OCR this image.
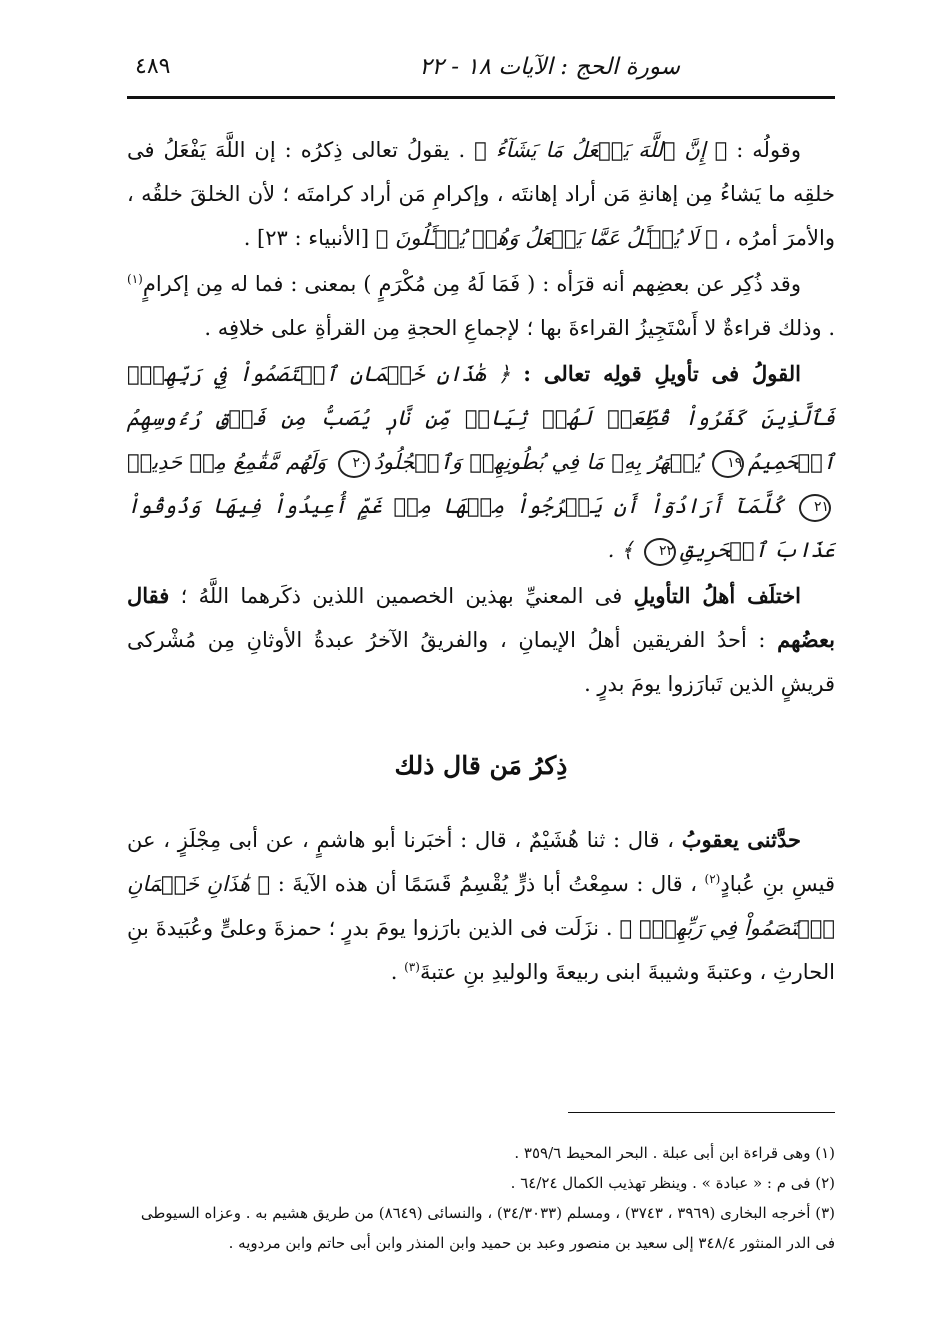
سورة الحج : الآيات ١٨ - ٢٢
٤٨٩

وقولُه : ﴿ إِنَّ ٱللَّهَ يَفۡعَلُ مَا يَشَآءُ ﴾ . يقولُ تعالى ذِكرُه : إن اللَّهَ يَفْعَلُ فى خلقِه ما يَشاءُ مِن إهانةِ مَن أراد إهانتَه ، وإكرامِ مَن أراد كرامتَه ؛ لأن الخلقَ خلقُه ، والأمرَ أمرُه ، ﴿ لَا يُسۡـَٔلُ عَمَّا يَفۡعَلُ وَهُمۡ يُسۡـَٔلُونَ ﴾ [الأنبياء : ٢٣] .

وقد ذُكِر عن بعضِهم أنه قرَأه : ( فَمَا لَهُ مِن مُكْرَمٍ ) بمعنى : فما له مِن إكرامٍ$^{(١)}$ . وذلك قراءةٌ لا أَسْتَجِيزُ القراءةَ بها ؛ لإجماعِ الحجةِ مِن القرأةِ على خلافِه .

القولُ فى تأويلِ قولِه تعالى : ﴿ هَٰذَانِ خَصۡمَانِ ٱخۡتَصَمُواْ فِي رَبِّهِمۡۖ فَٱلَّذِينَ كَفَرُواْ قُطِّعَتۡ لَهُمۡ ثِيَابٞ مِّن نَّارٖ يُصَبُّ مِن فَوۡقِ رُءُوسِهِمُ ٱلۡحَمِيمُ١٩ يُصۡهَرُ بِهِۦ مَا فِي بُطُونِهِمۡ وَٱلۡجُلُودُ٢٠ وَلَهُم مَّقَٰمِعُ مِنۡ حَدِيدٖ٢١ كُلَّمَآ أَرَادُوٓاْ أَن يَخۡرُجُواْ مِنۡهَا مِنۡ غَمٍّ أُعِيدُواْ فِيهَا وَذُوقُواْ عَذَابَ ٱلۡحَرِيقِ٢٢ ﴾ .

اختلَف أهلُ التأويلِ فى المعنيِّ بهذين الخصمين اللذين ذكَرهما اللَّهُ ؛ فقال بعضُهم : أحدُ الفريقين أهلُ الإيمانِ ، والفريقُ الآخرُ عبدةُ الأوثانِ مِن مُشْركى قريشٍ الذين تَبارَزوا يومَ بدرٍ .

ذِكرُ مَن قال ذلك

حدَّثنى يعقوبُ ، قال : ثنا هُشَيْمٌ ، قال : أخبَرنا أبو هاشمٍ ، عن أبى مِجْلَزٍ ، عن قيسِ بنِ عُبادٍ$^{(٢)}$ ، قال : سمِعْتُ أبا ذرٍّ يُقْسِمُ قَسَمًا أن هذه الآيةَ : ﴿ هَٰذَانِ خَصۡمَانِ ٱخۡتَصَمُواْ فِي رَبِّهِمۡۖ ﴾ . نزَلَت فى الذين بارَزوا يومَ بدرٍ ؛ حمزةَ وعلىٍّ وعُبَيدةَ بنِ الحارثِ ، وعتبةَ وشيبةَ ابنى ربيعةَ والوليدِ بنِ عتبةَ$^{(٣)}$ .

(١) وهى قراءة ابن أبى عبلة . البحر المحيط ٣٥٩/٦ .

(٢) فى م : « عبادة » . وينظر تهذيب الكمال ٦٤/٢٤ .

(٣) أخرجه البخارى (٣٩٦٩ ، ٣٧٤٣) ، ومسلم (٣٤/٣٠٣٣) ، والنسائى (٨٦٤٩) من طريق هشيم به . وعزاه السيوطى فى الدر المنثور ٣٤٨/٤ إلى سعيد بن منصور وعبد بن حميد وابن المنذر وابن أبى حاتم وابن مردويه .
